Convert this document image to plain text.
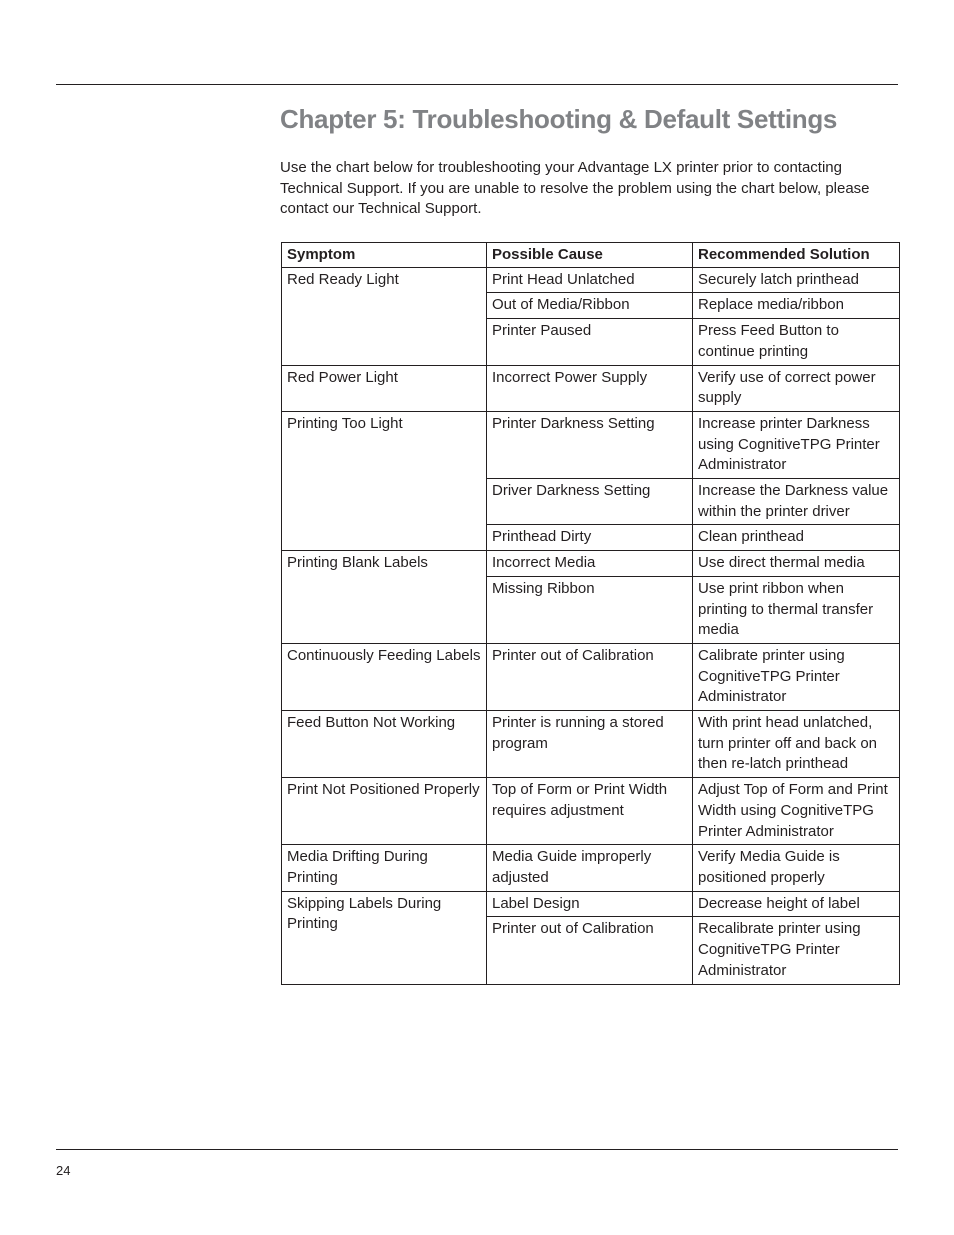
Chapter 5: Troubleshooting & Default Settings

Use the chart below for troubleshooting your Advantage LX printer prior to contacting Technical Support. If you are unable to resolve the problem using the chart below, please contact our Technical Support.

Symptom	Possible Cause	Recommended Solution
Red Ready Light	Print Head Unlatched	Securely latch printhead
	Out of Media/Ribbon	Replace media/ribbon
	Printer Paused	Press Feed Button to continue printing
Red Power Light	Incorrect Power Supply	Verify use of correct power supply
Printing Too Light	Printer Darkness Setting	Increase printer Darkness using CognitiveTPG Printer Administrator
	Driver Darkness Setting	Increase the Darkness value within the printer driver
	Printhead Dirty	Clean printhead
Printing Blank Labels	Incorrect Media	Use direct thermal media
	Missing Ribbon	Use print ribbon when printing to thermal transfer media
Continuously Feeding Labels	Printer out of Calibration	Calibrate printer using CognitiveTPG Printer Administrator
Feed Button Not Working	Printer is running a stored program	With print head unlatched, turn printer off and back on then re-latch printhead
Print Not Positioned Properly	Top of Form or Print Width requires adjustment	Adjust Top of Form and Print Width using CognitiveTPG Printer Administrator
Media Drifting During Printing	Media Guide improperly adjusted	Verify Media Guide is positioned properly
Skipping Labels During Printing	Label Design	Decrease height of label
	Printer out of Calibration	Recalibrate printer using CognitiveTPG Printer Administrator
24
